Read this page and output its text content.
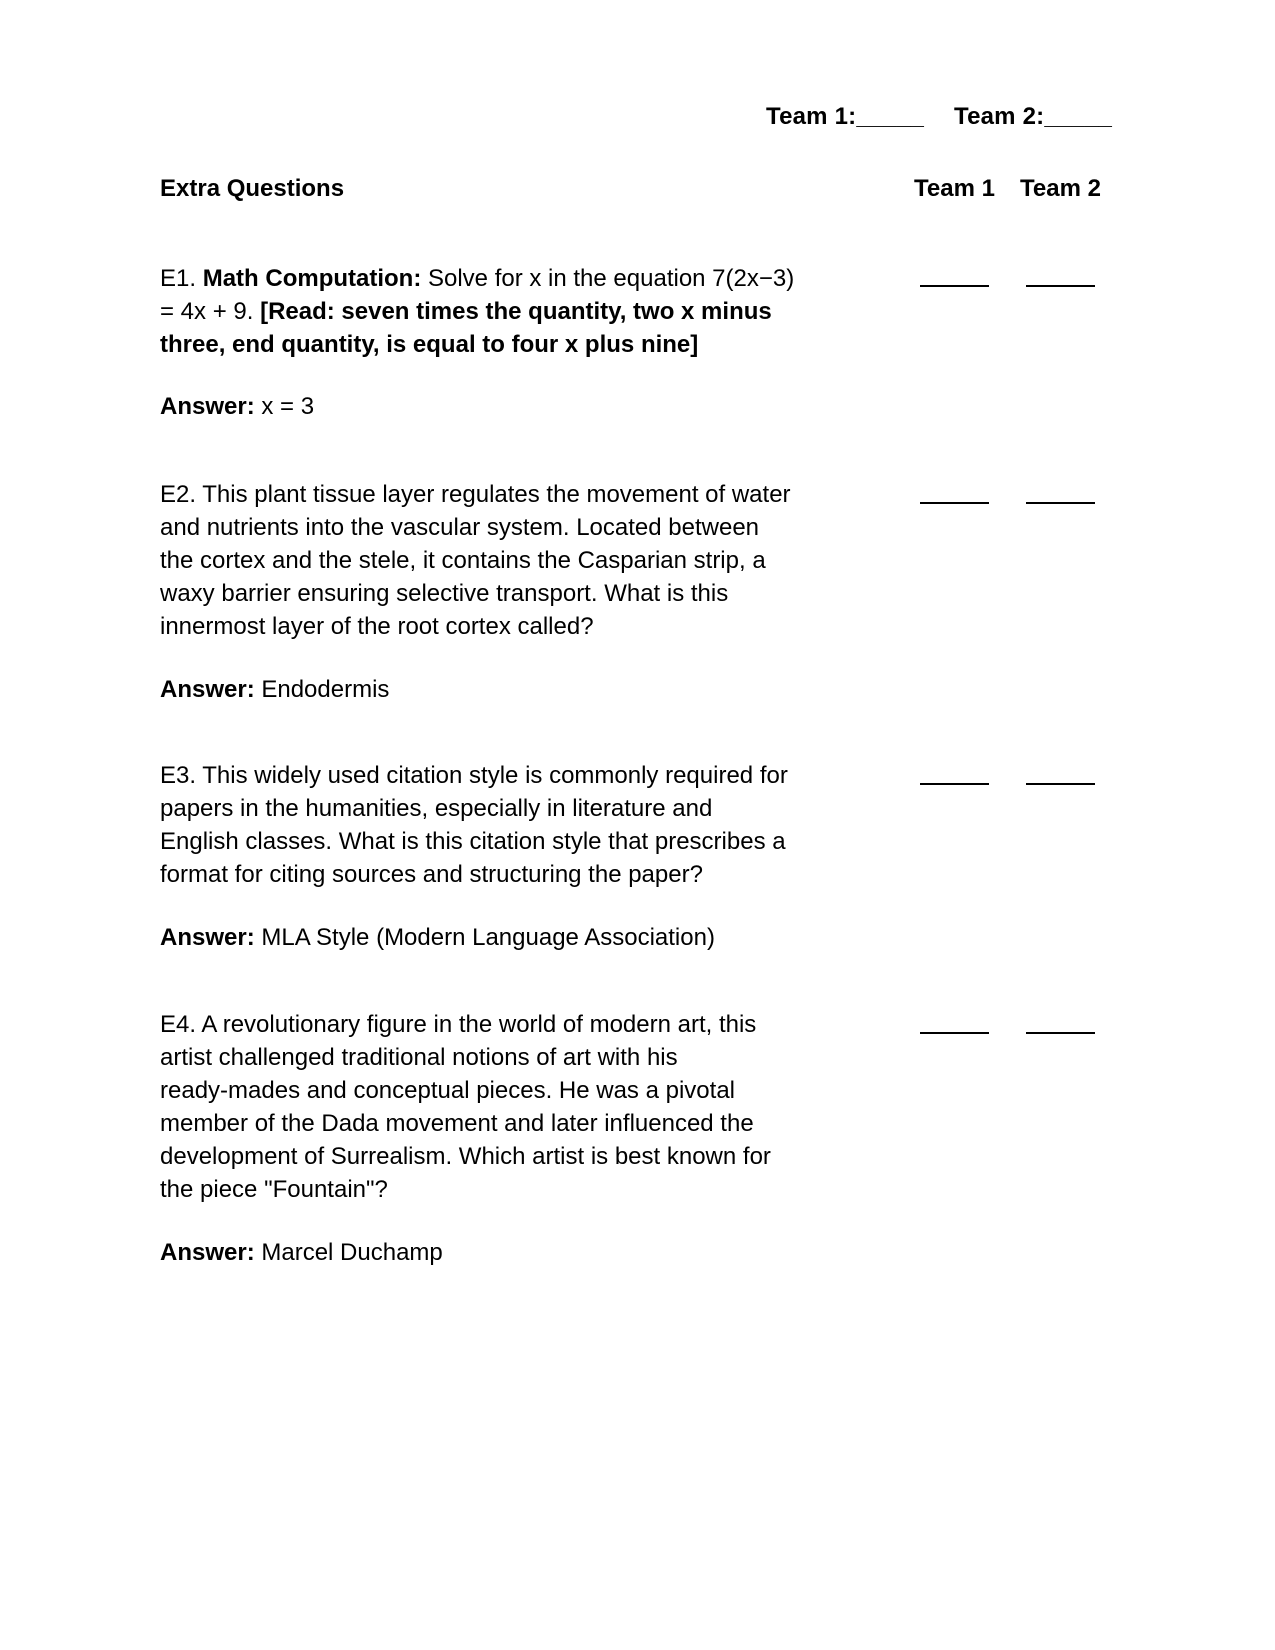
Team 1:_____ Team 2:_____
Extra Questions	Team 1 Team 2
E1. Math Computation: Solve for x in the equation 7(2x−3)
= 4x + 9. [Read: seven times the quantity, two x minus
three, end quantity, is equal to four x plus nine]
Answer: x = 3
E2. This plant tissue layer regulates the movement of water
and nutrients into the vascular system. Located between
the cortex and the stele, it contains the Casparian strip, a
waxy barrier ensuring selective transport. What is this
innermost layer of the root cortex called?
Answer: Endodermis
E3. This widely used citation style is commonly required for
papers in the humanities, especially in literature and
English classes. What is this citation style that prescribes a
format for citing sources and structuring the paper?
Answer: MLA Style (Modern Language Association)
E4. A revolutionary figure in the world of modern art, this
artist challenged traditional notions of art with his
ready-mades and conceptual pieces. He was a pivotal
member of the Dada movement and later influenced the
development of Surrealism. Which artist is best known for
the piece "Fountain"?
Answer: Marcel Duchamp
